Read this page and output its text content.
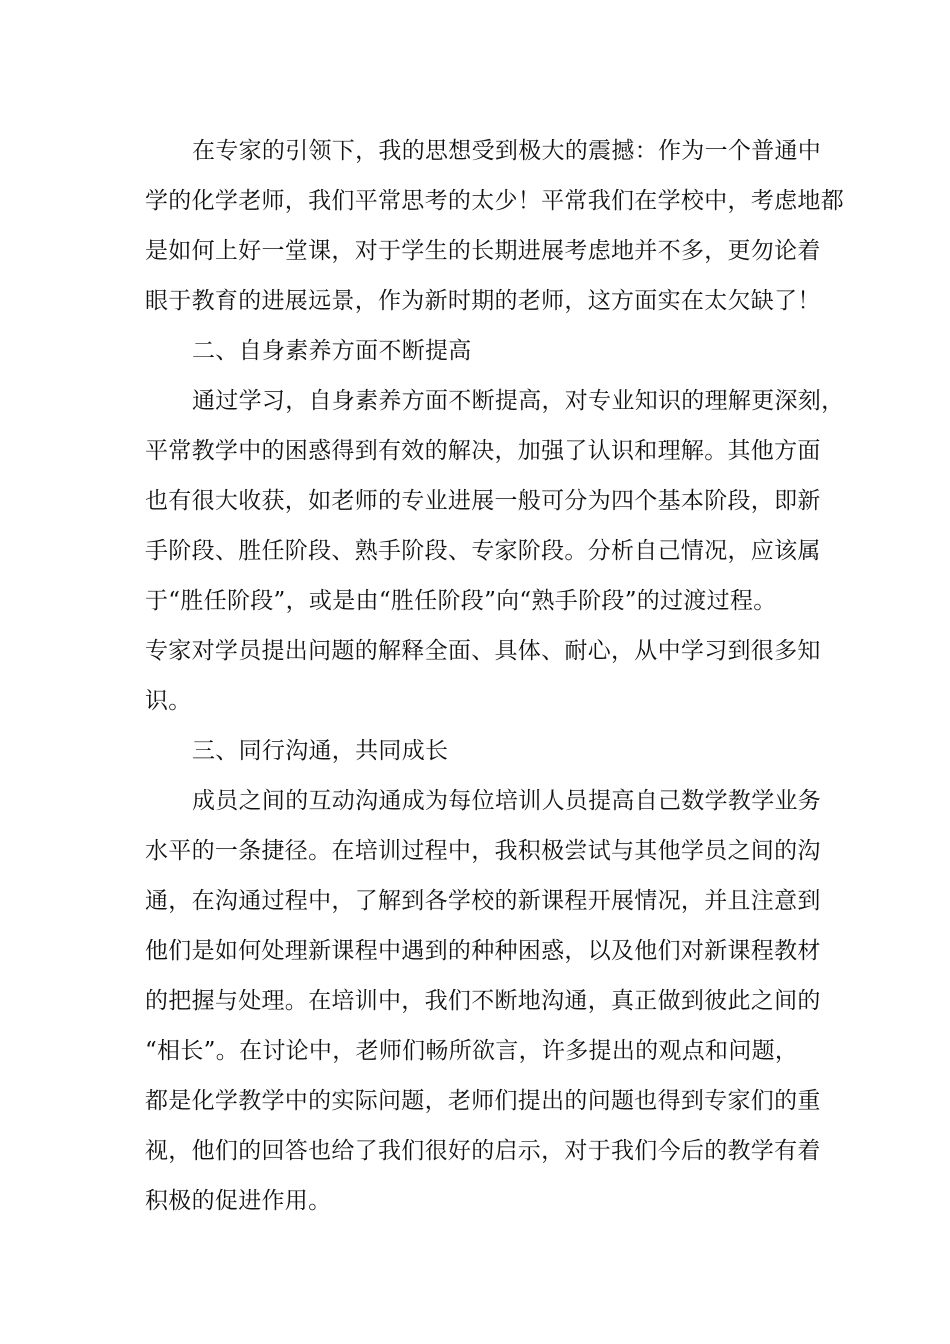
在专家的引领下，我的思想受到极大的震撼：作为一个普通中
学的化学老师，我们平常思考的太少！平常我们在学校中，考虑地都
是如何上好一堂课，对于学生的长期进展考虑地并不多，更勿论着
眼于教育的进展远景，作为新时期的老师，这方面实在太欠缺了！
二、自身素养方面不断提高
通过学习，自身素养方面不断提高，对专业知识的理解更深刻，
平常教学中的困惑得到有效的解决，加强了认识和理解。其他方面
也有很大收获，如老师的专业进展一般可分为四个基本阶段，即新
手阶段、胜任阶段、熟手阶段、专家阶段。分析自己情况，应该属
于“胜任阶段”，或是由“胜任阶段”向“熟手阶段”的过渡过程。
专家对学员提出问题的解释全面、具体、耐心，从中学习到很多知
识。
三、同行沟通，共同成长
成员之间的互动沟通成为每位培训人员提高自己数学教学业务
水平的一条捷径。在培训过程中，我积极尝试与其他学员之间的沟
通，在沟通过程中，了解到各学校的新课程开展情况，并且注意到
他们是如何处理新课程中遇到的种种困惑，以及他们对新课程教材
的把握与处理。在培训中，我们不断地沟通，真正做到彼此之间的
“相长”。在讨论中，老师们畅所欲言，许多提出的观点和问题，
都是化学教学中的实际问题，老师们提出的问题也得到专家们的重
视，他们的回答也给了我们很好的启示，对于我们今后的教学有着
积极的促进作用。
